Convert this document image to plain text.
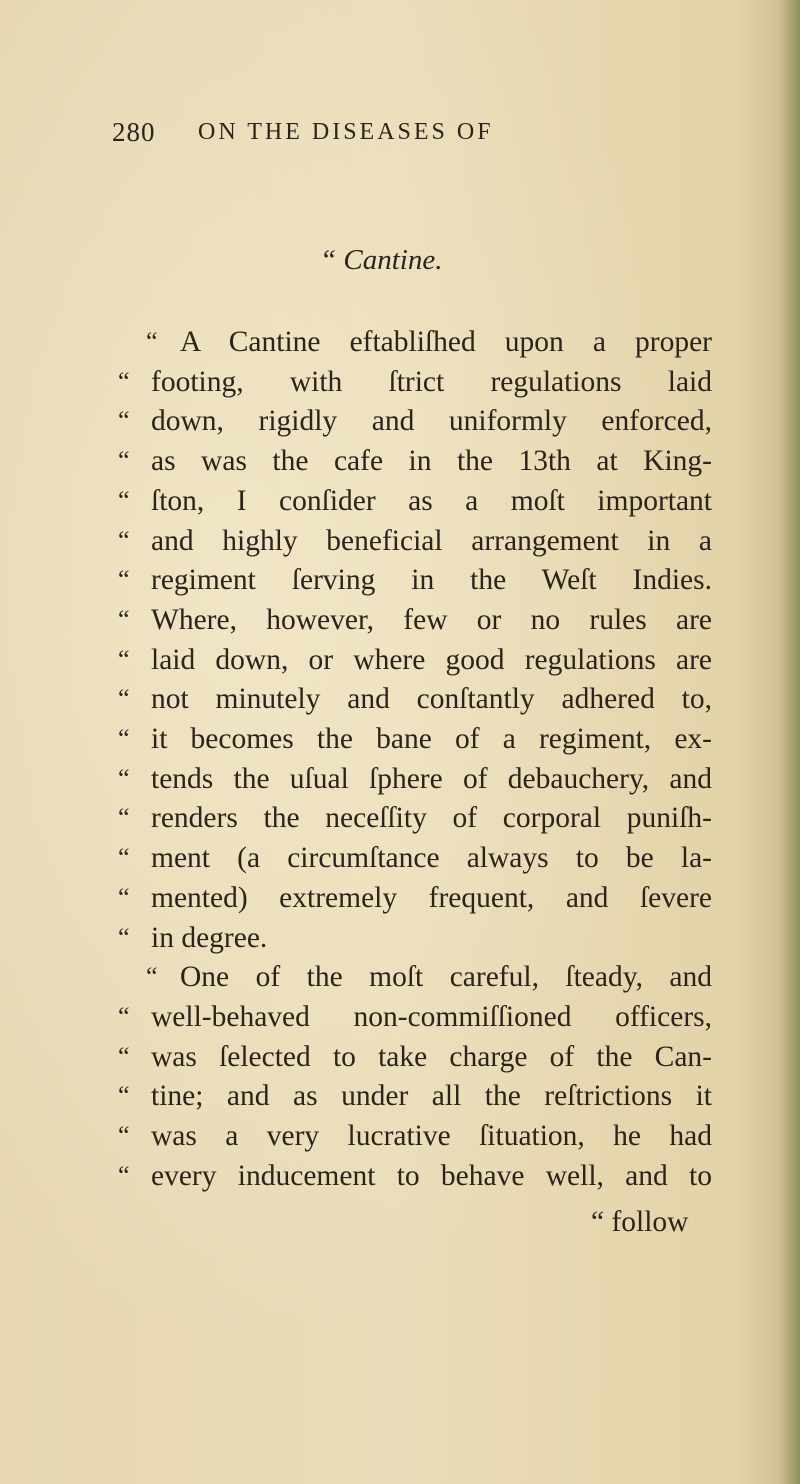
280 ON THE DISEASES OF
“ Cantine.
“ A Cantine eftabliſhed upon a proper
“ footing, with ſtrict regulations laid
“ down, rigidly and uniformly enforced,
“ as was the cafe in the 13th at King-
“ ſton, I conſider as a moſt important
“ and highly beneficial arrangement in a
“ regiment ſerving in the Weſt Indies.
“ Where, however, few or no rules are
“ laid down, or where good regulations are
“ not minutely and conſtantly adhered to,
“ it becomes the bane of a regiment, ex-
“ tends the uſual ſphere of debauchery, and
“ renders the neceſſity of corporal puniſh-
“ ment (a circumſtance always to be la-
“ mented) extremely frequent, and ſevere
“ in degree.
“ One of the moſt careful, ſteady, and
“ well-behaved non-commiſſioned officers,
“ was ſelected to take charge of the Can-
“ tine; and as under all the reſtrictions it
“ was a very lucrative ſituation, he had
“ every inducement to behave well, and to
“ follow
